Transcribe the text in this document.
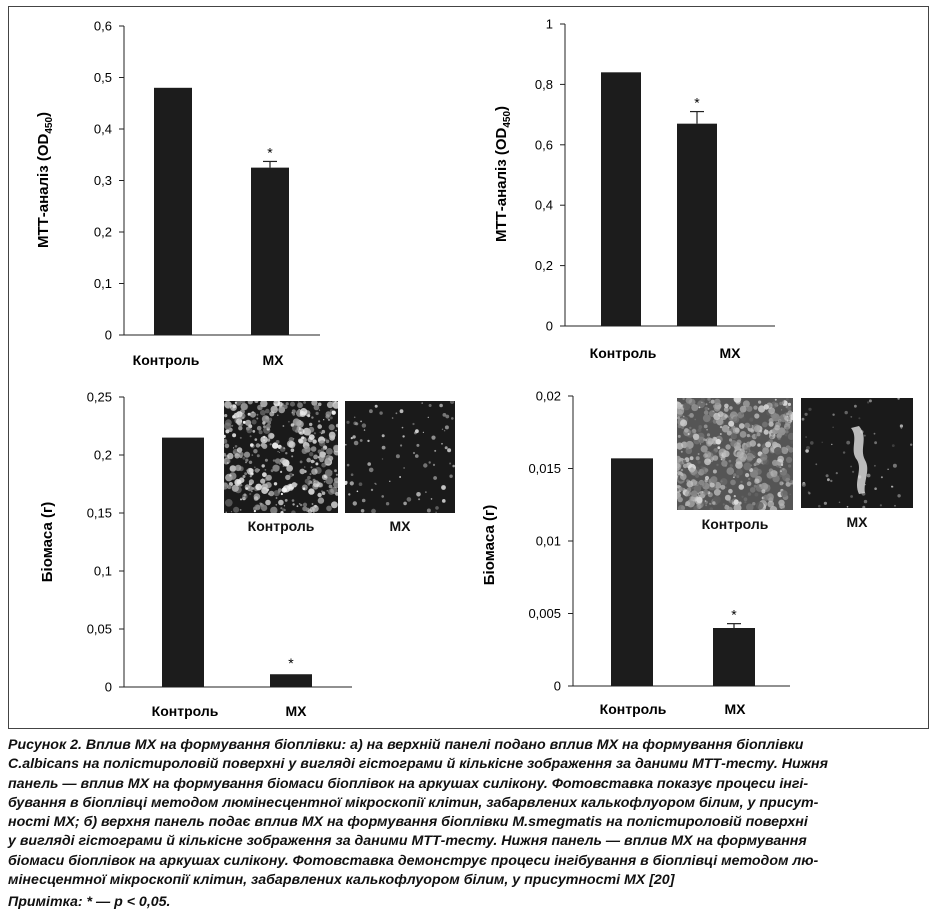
0
0,1
0,2
0,3
0,4
0,5
0,6
Контроль
*
МХ
МТТ-аналіз $(OD_{450})$
0
0,2
0,4
0,6
0,8
1
Контроль
*
МХ
МТТ-аналіз $(OD_{450})$
0
0,05
0,1
0,15
0,2
0,25
Контроль
*
МХ
Біомаса (г)
0
0,005
0,01
0,015
0,02
Контроль
*
МХ
Біомаса (г)
Контроль	МХ	Контроль	МХ

Рисунок 2. Вплив МХ на формування біоплівки: а) на верхній панелі подано вплив МХ на формування біоплівки

C.albicans на полістироловій поверхні у вигляді гістограми й кількісне зображення за даними МТТ-тесту. Нижня

панель — вплив МХ на формування біомаси біоплівок на аркушах силікону. Фотовставка показує процеси інгі-

бування в біоплівці методом люмінесцентної мікроскопії клітин, забарвлених калькофлуором білим, у присут-

ності МХ; б) верхня панель подає вплив МХ на формування біоплівки M.smegmatis на полістироловій поверхні

у вигляді гістограми й кількісне зображення за даними МТТ-тесту. Нижня панель — вплив МХ на формування

біомаси біоплівок на аркушах силікону. Фотовставка демонструє процеси інгібування в біоплівці методом лю-

мінесцентної мікроскопії клітин, забарвлених калькофлуором білим, у присутності МХ [20]

Примітка: * — p < 0,05.
